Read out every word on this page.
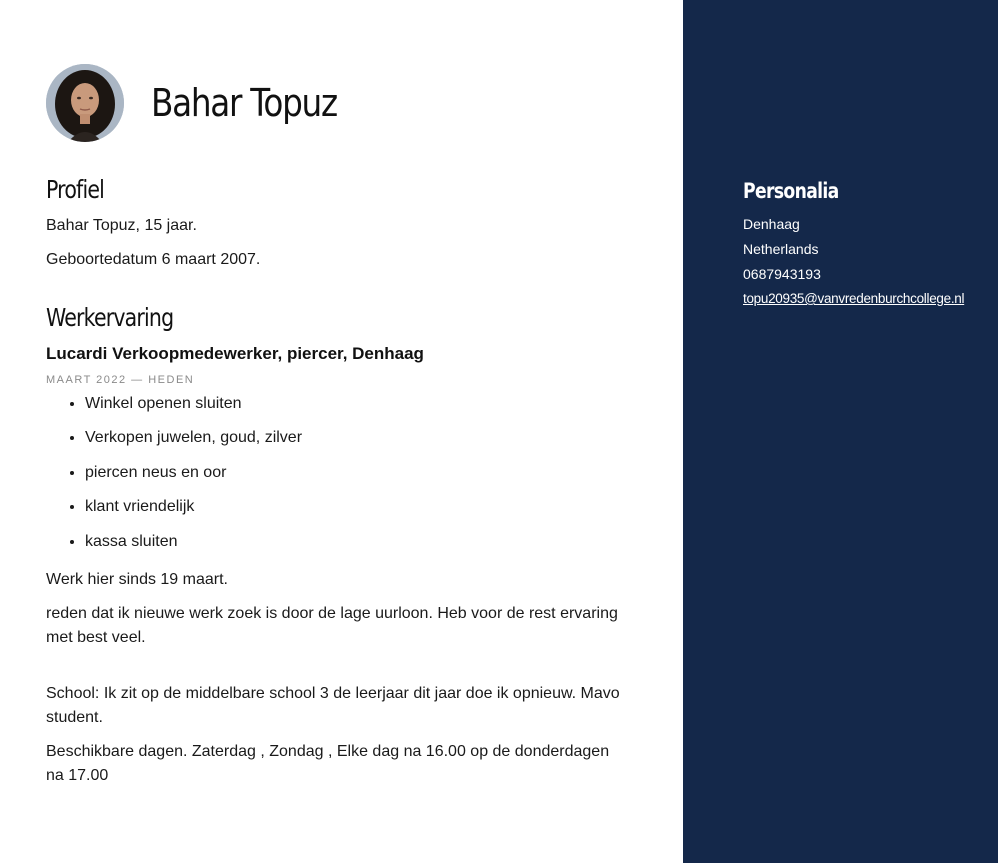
Bahar Topuz
Profiel

Bahar Topuz, 15 jaar.

Geboortedatum 6 maart 2007.

Werkervaring

Lucardi Verkoopmedewerker, piercer, Denhaag

MAART 2022 — HEDEN
• Winkel openen sluiten
• Verkopen juwelen, goud, zilver
• piercen neus en oor
• klant vriendelijk
• kassa sluiten

Werk hier sinds 19 maart.

reden dat ik nieuwe werk zoek is door de lage uurloon. Heb voor de rest ervaring met best veel.

School: Ik zit op de middelbare school 3 de leerjaar dit jaar doe ik opnieuw. Mavo student.

Beschikbare dagen. Zaterdag , Zondag , Elke dag na 16.00 op de donderdagen na 17.00

Personalia
Denhaag
Netherlands
0687943193
topu20935@vanvredenburchcollege.nl
